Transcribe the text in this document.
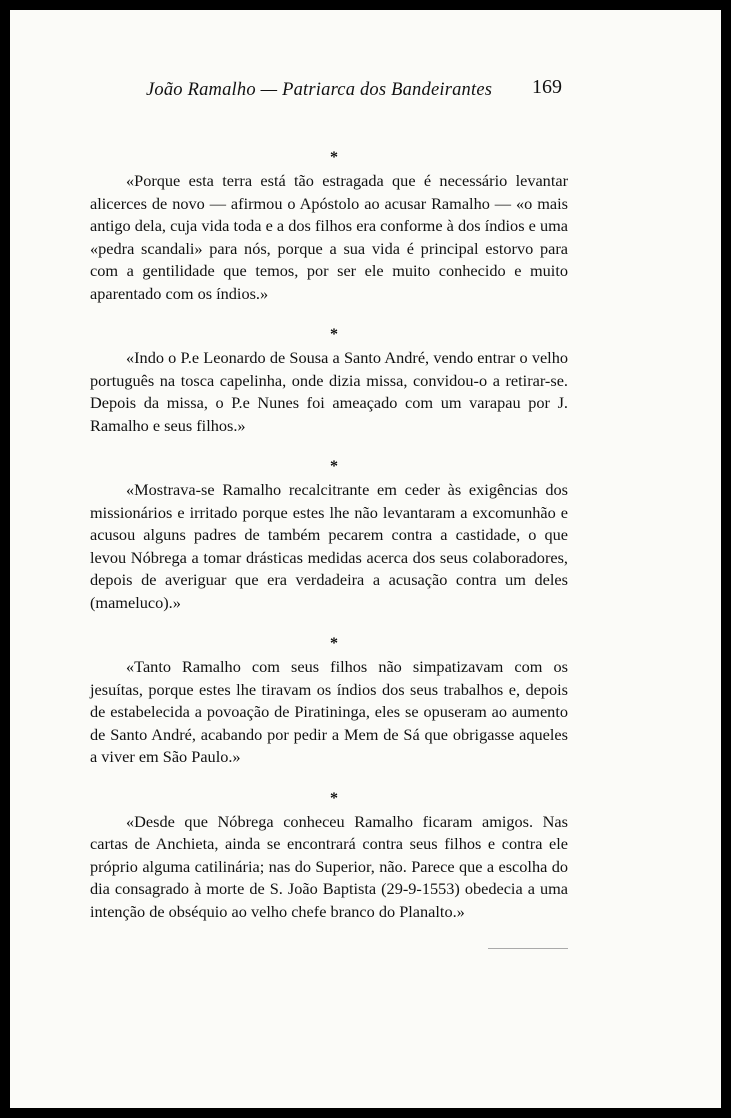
João Ramalho — Patriarca dos Bandeirantes 169
*

«Porque esta terra está tão estragada que é necessário levantar alicerces de novo — afirmou o Apóstolo ao acusar Ramalho — «o mais antigo dela, cuja vida toda e a dos filhos era conforme à dos índios e uma «pedra scandali» para nós, porque a sua vida é principal estorvo para com a gentilidade que temos, por ser ele muito conhecido e muito aparentado com os índios.»

*

«Indo o P.e Leonardo de Sousa a Santo André, vendo entrar o velho português na tosca capelinha, onde dizia missa, convidou-o a retirar-se. Depois da missa, o P.e Nunes foi ameaçado com um varapau por J. Ramalho e seus filhos.»

*

«Mostrava-se Ramalho recalcitrante em ceder às exigências dos missionários e irritado porque estes lhe não levantaram a excomunhão e acusou alguns padres de também pecarem contra a castidade, o que levou Nóbrega a tomar drásticas medidas acerca dos seus colaboradores, depois de averiguar que era verdadeira a acusação contra um deles (mameluco).»

*

«Tanto Ramalho com seus filhos não simpatizavam com os jesuítas, porque estes lhe tiravam os índios dos seus trabalhos e, depois de estabelecida a povoação de Piratininga, eles se opuseram ao aumento de Santo André, acabando por pedir a Mem de Sá que obrigasse aqueles a viver em São Paulo.»

*

«Desde que Nóbrega conheceu Ramalho ficaram amigos. Nas cartas de Anchieta, ainda se encontrará contra seus filhos e contra ele próprio alguma catilinária; nas do Superior, não. Parece que a escolha do dia consagrado à morte de S. João Baptista (29-9-1553) obedecia a uma intenção de obséquio ao velho chefe branco do Planalto.»
